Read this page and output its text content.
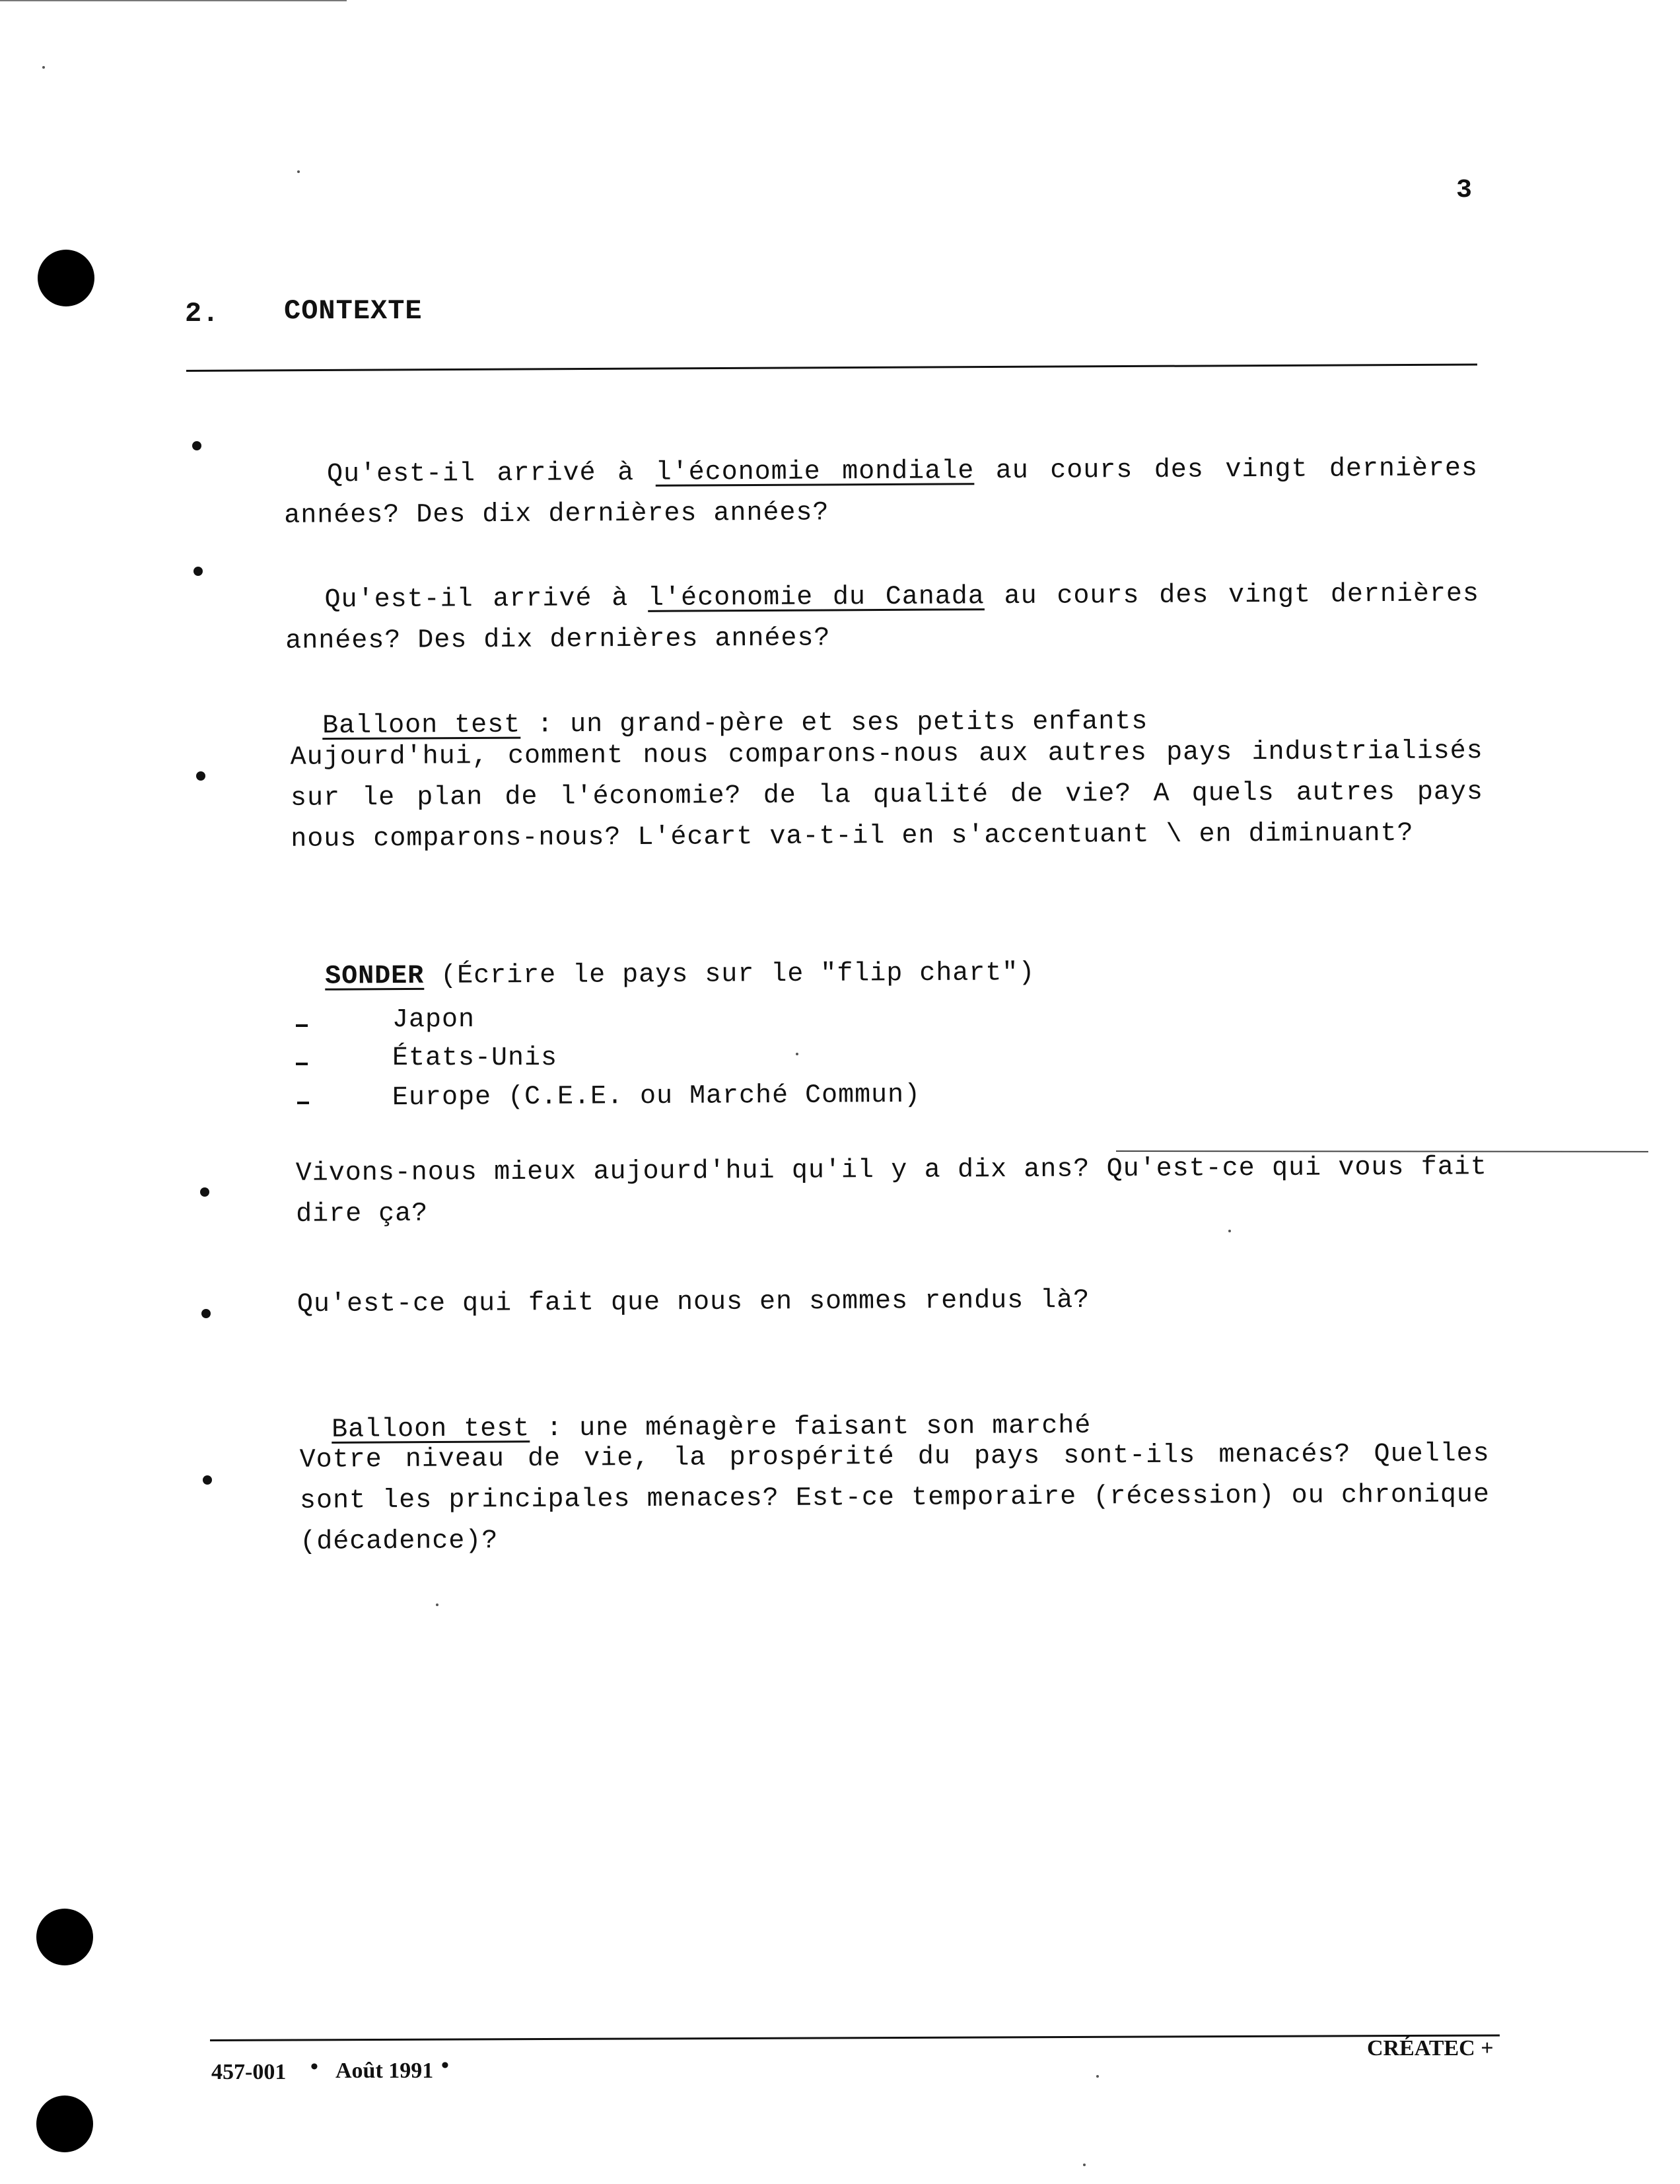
3
2. CONTEXTE

Qu'est-il arrivé à l'économie mondiale au cours des vingt dernières années? Des dix dernières années?

Qu'est-il arrivé à l'économie du Canada au cours des vingt dernières années? Des dix dernières années?

Balloon test : un grand-père et ses petits enfants

Aujourd'hui, comment nous comparons-nous aux autres pays industrialisés sur le plan de l'économie? de la qualité de vie? A quels autres pays nous comparons-nous? L'écart va-t-il en s'accentuant \ en diminuant?

SONDER (Écrire le pays sur le "flip chart")

Japon
États-Unis
Europe (C.E.E. ou Marché Commun)
Vivons-nous mieux aujourd'hui qu'il y a dix ans? Qu'est-ce qui vous fait dire ça?
Qu'est-ce qui fait que nous en sommes rendus là?

Balloon test : une ménagère faisant son marché

Votre niveau de vie, la prospérité du pays sont-ils menacés? Quelles sont les principales menaces? Est-ce temporaire (récession) ou chronique (décadence)?
457-001 • Août 1991 •
CRÉATEC +
